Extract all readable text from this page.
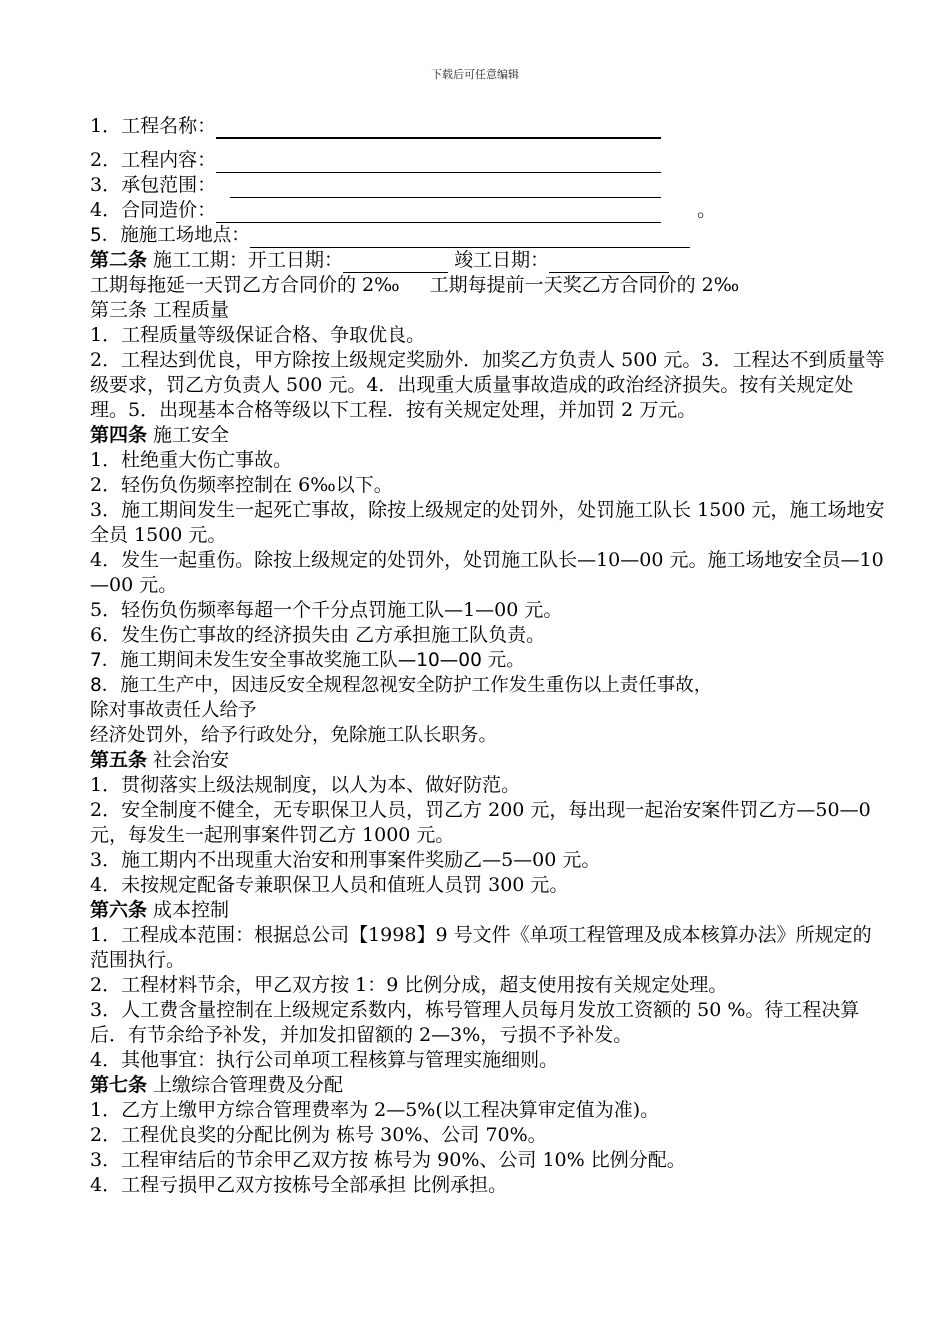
下载后可任意编辑
1．工程名称：
2．工程内容：
3．承包范围：
4．合同造价：	。
5．施施工场地点：
第二条 施工工期：开工日期：	竣工日期：
工期每拖延一天罚乙方合同价的 2‰ 工期每提前一天奖乙方合同价的 2‰
第三条 工程质量
1．工程质量等级保证合格、争取优良。
2．工程达到优良，甲方除按上级规定奖励外．加奖乙方负责人 500 元。3．工程达不到质量等级要求，罚乙方负责人 500 元。4．出现重大质量事故造成的政治经济损失。按有关规定处理。5．出现基本合格等级以下工程．按有关规定处理，并加罚 2 万元。
第四条 施工安全
1．杜绝重大伤亡事故。
2．轻伤负伤频率控制在 6‰以下。
3．施工期间发生一起死亡事故，除按上级规定的处罚外，处罚施工队长 1500 元，施工场地安全员 1500 元。
4．发生一起重伤。除按上级规定的处罚外，处罚施工队长—10—00 元。施工场地安全员—10—00 元。
5．轻伤负伤频率每超一个千分点罚施工队—1—00 元。
6．发生伤亡事故的经济损失由 乙方承担施工队负责。
7．施工期间未发生安全事故奖施工队—10—00 元。
8．施工生产中，因违反安全规程忽视安全防护工作发生重伤以上责任事故，
除对事故责任人给予
经济处罚外，给予行政处分，免除施工队长职务。
第五条 社会治安
1．贯彻落实上级法规制度，以人为本、做好防范。
2．安全制度不健全，无专职保卫人员，罚乙方 200 元，每出现一起治安案件罚乙方—50—0 元，每发生一起刑事案件罚乙方 1000 元。
3．施工期内不出现重大治安和刑事案件奖励乙—5—00 元。
4．未按规定配备专兼职保卫人员和值班人员罚 300 元。
第六条 成本控制
1．工程成本范围：根据总公司【1998】9 号文件《单项工程管理及成本核算办法》所规定的范围执行。
2．工程材料节余，甲乙双方按 1：9 比例分成，超支使用按有关规定处理。
3．人工费含量控制在上级规定系数内，栋号管理人员每月发放工资额的 50 %。待工程决算后．有节余给予补发，并加发扣留额的 2—3%，亏损不予补发。
4．其他事宜：执行公司单项工程核算与管理实施细则。
第七条 上缴综合管理费及分配
1．乙方上缴甲方综合管理费率为 2—5%(以工程决算审定值为准)。
2．工程优良奖的分配比例为 栋号 30%、公司 70%。
3．工程审结后的节余甲乙双方按 栋号为 90%、公司 10% 比例分配。
4．工程亏损甲乙双方按栋号全部承担 比例承担。
